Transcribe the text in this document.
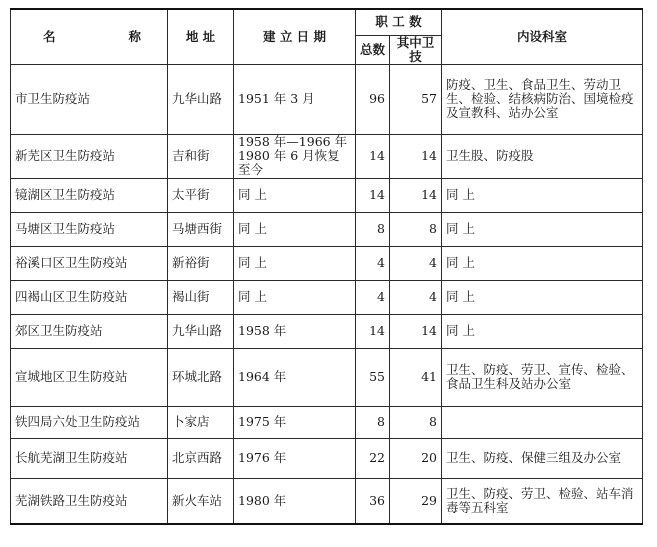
名 称	地 址	建 立 日 期	职 工 数		内设科室
			总数	其中卫技	
市卫生防疫站	九华山路	1951 年 3 月	96	57	防疫、卫生、食品卫生、劳动卫生、检验、结核病防治、国境检疫及宣教科、站办公室
新芜区卫生防疫站	吉和街	1958 年—1966 年 1980 年 6 月恢复至今	14	14	卫生股、防疫股
镜湖区卫生防疫站	太平街	同 上	14	14	同 上
马塘区卫生防疫站	马塘西街	同 上	8	8	同 上
裕溪口区卫生防疫站	新裕街	同 上	4	4	同 上
四褐山区卫生防疫站	褐山街	同 上	4	4	同 上
郊区卫生防疫站	九华山路	1958 年	14	14	同 上
宣城地区卫生防疫站	环城北路	1964 年	55	41	卫生、防疫、劳卫、宣传、检验、食品卫生科及站办公室
铁四局六处卫生防疫站	卜家店	1975 年	8	8	
长航芜湖卫生防疫站	北京西路	1976 年	22	20	卫生、防疫、保健三组及办公室
芜湖铁路卫生防疫站	新火车站	1980 年	36	29	卫生、防疫、劳卫、检验、站车消毒等五科室
